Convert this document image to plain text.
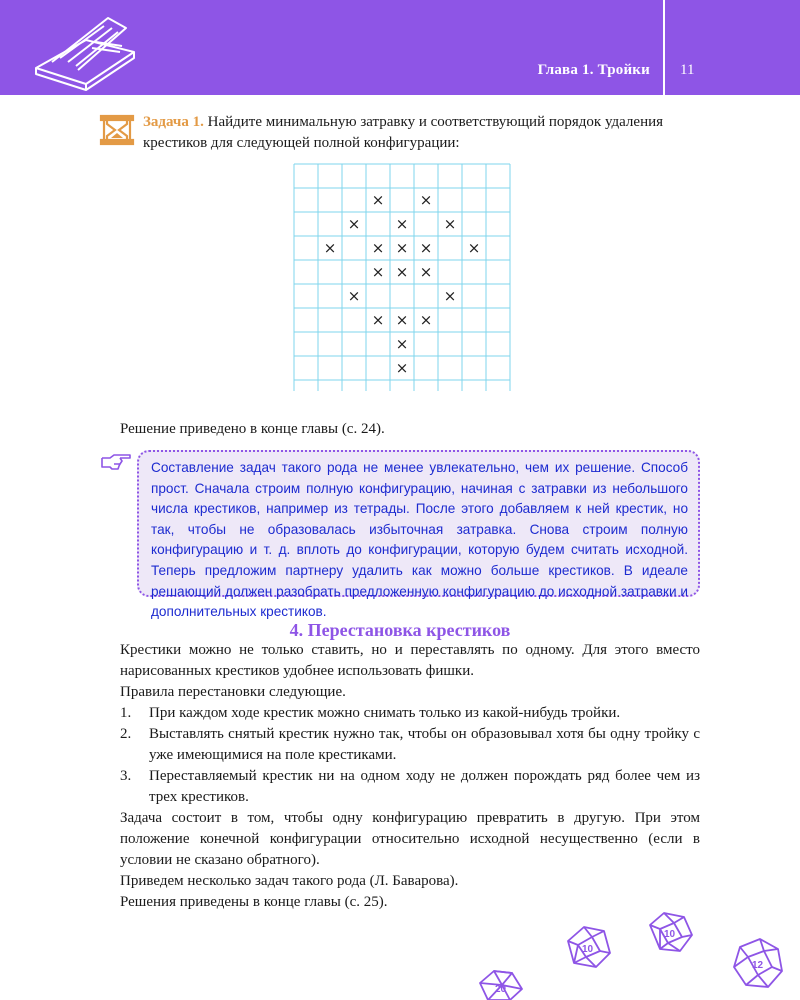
Глава 1. Тройки 11
Задача 1. Найдите минимальную затравку и соответствующий порядок удаления крестиков для следующей полной конфигурации:
× ×
× × ×
× × × × ×
× × ×
×	×
× × ×
×
×
Решение приведено в конце главы (с. 24).

Составление задач такого рода не менее увлекательно, чем их решение. Способ прост. Сначала строим полную конфигурацию, начиная с затравки из небольшого числа крестиков, например из тетрады. После этого добавляем к ней крестик, но так, чтобы не образовалась избыточная затравка. Снова строим полную конфигурацию и т. д. вплоть до конфигурации, которую будем считать исходной. Теперь предложим партнеру удалить как можно больше крестиков. В идеале решающий должен разобрать предложенную конфигурацию до исходной затравки и дополнительных крестиков.

4. Перестановка крестиков

Крестики можно не только ставить, но и переставлять по одному. Для этого вместо нарисованных крестиков удобнее использовать фишки.

Правила перестановки следующие.

1. При каждом ходе крестик можно снимать только из какой-нибудь тройки.
2. Выставлять снятый крестик нужно так, чтобы он образовывал хотя бы одну тройку с уже имеющимися на поле крестиками.
3. Переставляемый крестик ни на одном ходу не должен порождать ряд более чем из трех крестиков.

Задача состоит в том, чтобы одну конфигурацию превратить в другую. При этом положение конечной конфигурации относительно исходной несущественно (если в условии не сказано обратного).

Приведем несколько задач такого рода (Л. Баварова).

Решения приведены в конце главы (с. 25).

20
10
10
12
